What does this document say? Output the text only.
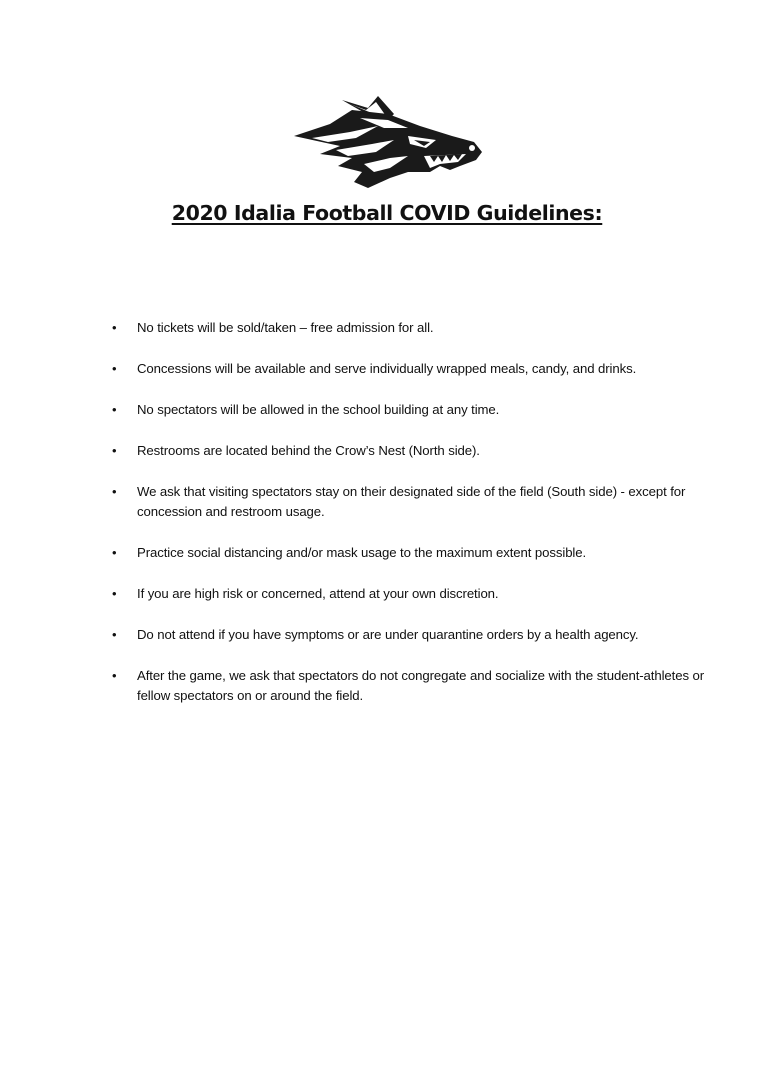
2020 Idalia Football COVID Guidelines:
• No tickets will be sold/taken – free admission for all.
• Concessions will be available and serve individually wrapped meals, candy, and drinks.
• No spectators will be allowed in the school building at any time.
• Restrooms are located behind the Crow’s Nest (North side).
• We ask that visiting spectators stay on their designated side of the field (South side) - except for concession and restroom usage.
• Practice social distancing and/or mask usage to the maximum extent possible.
• If you are high risk or concerned, attend at your own discretion.
• Do not attend if you have symptoms or are under quarantine orders by a health agency.
• After the game, we ask that spectators do not congregate and socialize with the student-athletes or fellow spectators on or around the field.
